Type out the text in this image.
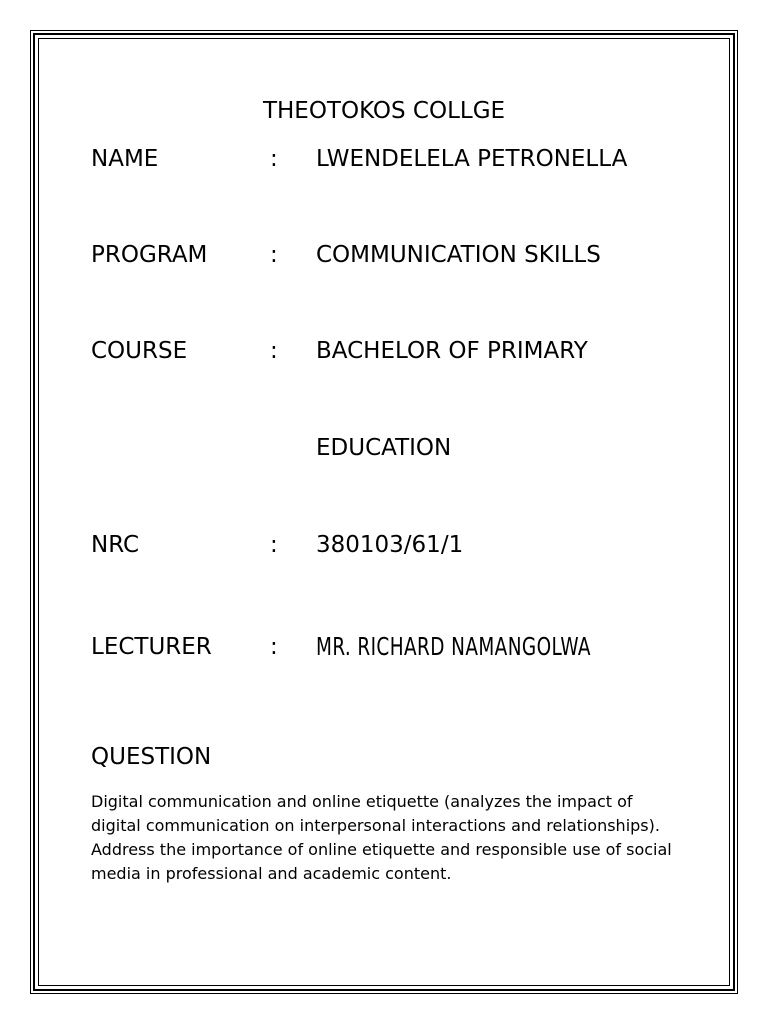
THEOTOKOS COLLGE
NAME	: LWENDELELA PETRONELLA
PROGRAM	: COMMUNICATION SKILLS
COURSE	: BACHELOR OF PRIMARY
EDUCATION
NRC	: 380103/61/1
LECTURER	: MR. RICHARD NAMANGOLWA
QUESTION
Digital communication and online etiquette (analyzes the impact of digital communication on interpersonal interactions and relationships). Address the importance of online etiquette and responsible use of social media in professional and academic content.
